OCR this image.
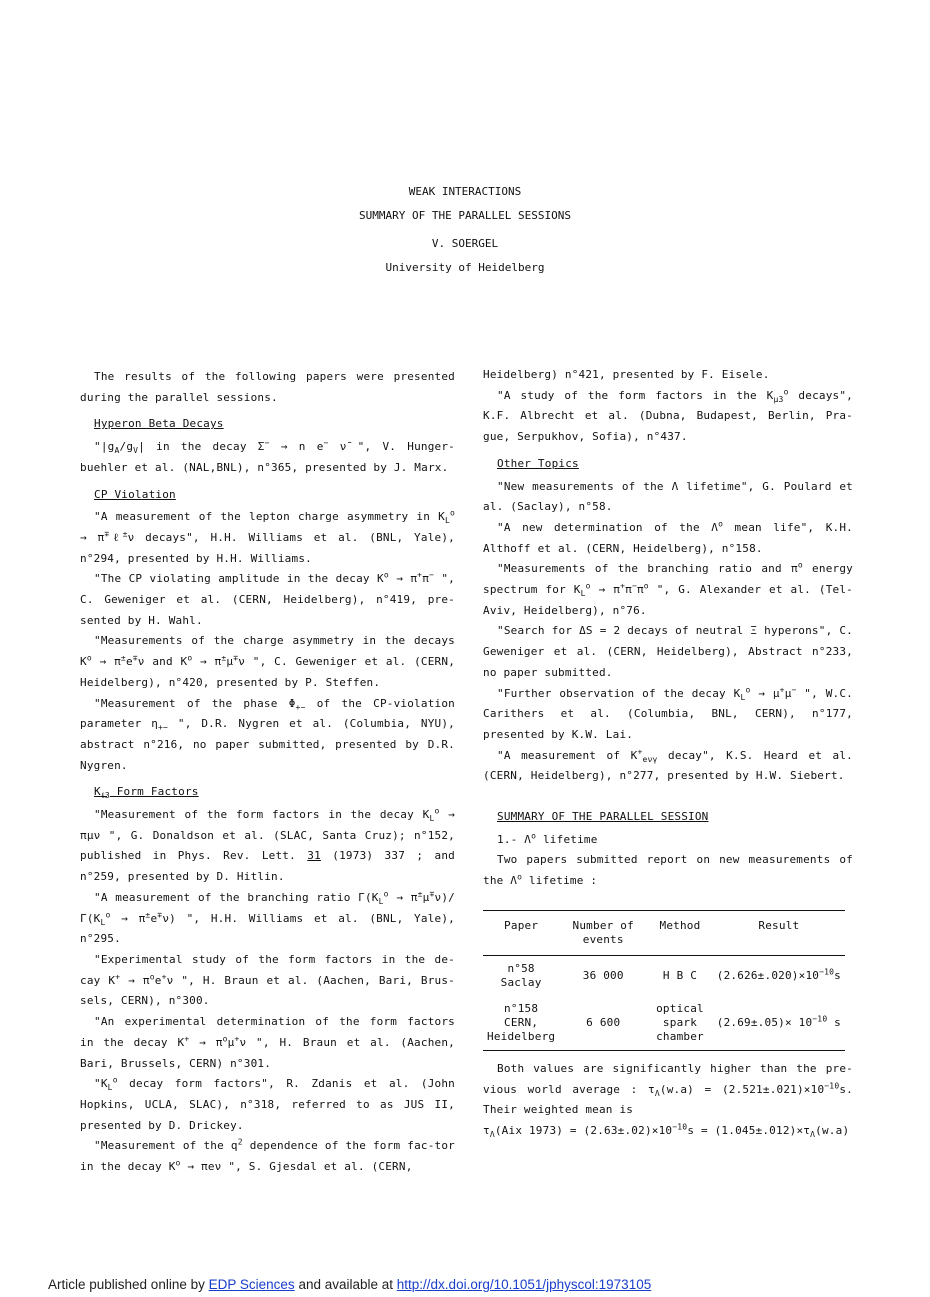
WEAK INTERACTIONS
SUMMARY OF THE PARALLEL SESSIONS
V. SOERGEL
University of Heidelberg

The results of the following papers were presented during the parallel sessions.

Hyperon Beta Decays

"$|g_A/g_V|$ in the decay Σ− → n e− ν̄ ", V. Hunger-buehler et al. (NAL,BNL), n°365, presented by J. Marx.

CP Violation

"A measurement of the lepton charge asymmetry in $K_L^o$ → π∓ℓ±ν decays", H.H. Williams et al. (BNL, Yale), n°294, presented by H.H. Williams.

"The CP violating amplitude in the decay $K^o \to \pi^+\pi^-$ ", C. Geweniger et al. (CERN, Heidelberg), n°419, pre-sented by H. Wahl.

"Measurements of the charge asymmetry in the decays $K^o \to \pi^\pm e^\mp\nu$ and $K^o \to \pi^\pm\mu^\mp\nu$ ", C. Geweniger et al. (CERN, Heidelberg), n°420, presented by P. Steffen.

"Measurement of the phase $\Phi_{+-}$ of the CP-violation parameter $\eta_{+-}$ ", D.R. Nygren et al. (Columbia, NYU), abstract n°216, no paper submitted, presented by D.R. Nygren.

$K_{\ell 3}$ Form Factors

"Measurement of the form factors in the decay $K_L^o \to \pi\mu\nu$ ", G. Donaldson et al. (SLAC, Santa Cruz); n°152, published in Phys. Rev. Lett. 31 (1973) 337 ; and n°259, presented by D. Hitlin.

"A measurement of the branching ratio $\Gamma(K_L^o \to \pi^\pm\mu^\mp\nu)/$ $\Gamma(K_L^o \to \pi^\pm e^\mp\nu)$ ", H.H. Williams et al. (BNL, Yale), n°295.

"Experimental study of the form factors in the de-cay $K^+ \to \pi^oe^+\nu$ ", H. Braun et al. (Aachen, Bari, Brus-sels, CERN), n°300.

"An experimental determination of the form factors in the decay $K^+ \to \pi^o\mu^+\nu$ ", H. Braun et al. (Aachen, Bari, Brussels, CERN) n°301.

"$K_L^o$ decay form factors", R. Zdanis et al. (John Hopkins, UCLA, SLAC), n°318, referred to as JUS II, presented by D. Drickey.

"Measurement of the $q^2$ dependence of the form fac-tor in the decay $K^o \to \pi e\nu$ ", S. Gjesdal et al. (CERN,

Heidelberg) n°421, presented by F. Eisele.

"A study of the form factors in the $K_{\mu 3}^o$ decays", K.F. Albrecht et al. (Dubna, Budapest, Berlin, Pra-gue, Serpukhov, Sofia), n°437.

Other Topics

"New measurements of the Λ lifetime", G. Poulard et al. (Saclay), n°58.

"A new determination of the $\Lambda^o$ mean life", K.H. Althoff et al. (CERN, Heidelberg), n°158.

"Measurements of the branching ratio and $\pi^o$ energy spectrum for $K_L^o \to \pi^+\pi^-\pi^o$ ", G. Alexander et al. (Tel-Aviv, Heidelberg), n°76.

"Search for ΔS = 2 decays of neutral Ξ hyperons", C. Geweniger et al. (CERN, Heidelberg), Abstract n°233, no paper submitted.

"Further observation of the decay $K_L^o \to \mu^+\mu^-$ ", W.C. Carithers et al. (Columbia, BNL, CERN), n°177, presented by K.W. Lai.

"A measurement of $K^+_{e\nu\gamma}$ decay", K.S. Heard et al. (CERN, Heidelberg), n°277, presented by H.W. Siebert.

SUMMARY OF THE PARALLEL SESSION

1.- $\Lambda^o$ lifetime

Two papers submitted report on new measurements of the $\Lambda^o$ lifetime :

Paper	Number of events	Method	Result
n°58 Saclay	36 000	H B C	$(2.626\pm.020)\times 10^{-10}s$
n°158 CERN, Heidelberg	6 600	optical spark chamber	$(2.69\pm.05)\times 10^{-10}$ s

Both values are significantly higher than the pre-vious world average : $\tau_\Lambda(w.a) = (2.521\pm.021)\times 10^{-10}s$. Their weighted mean is

$\tau_\Lambda(Aix$ $1973) = (2.63\pm.02)\times 10^{-10}s = (1.045\pm.012)\times\tau_\Lambda(w.a)$

Article published online by EDP Sciences and available at http://dx.doi.org/10.1051/jphyscol:1973105
